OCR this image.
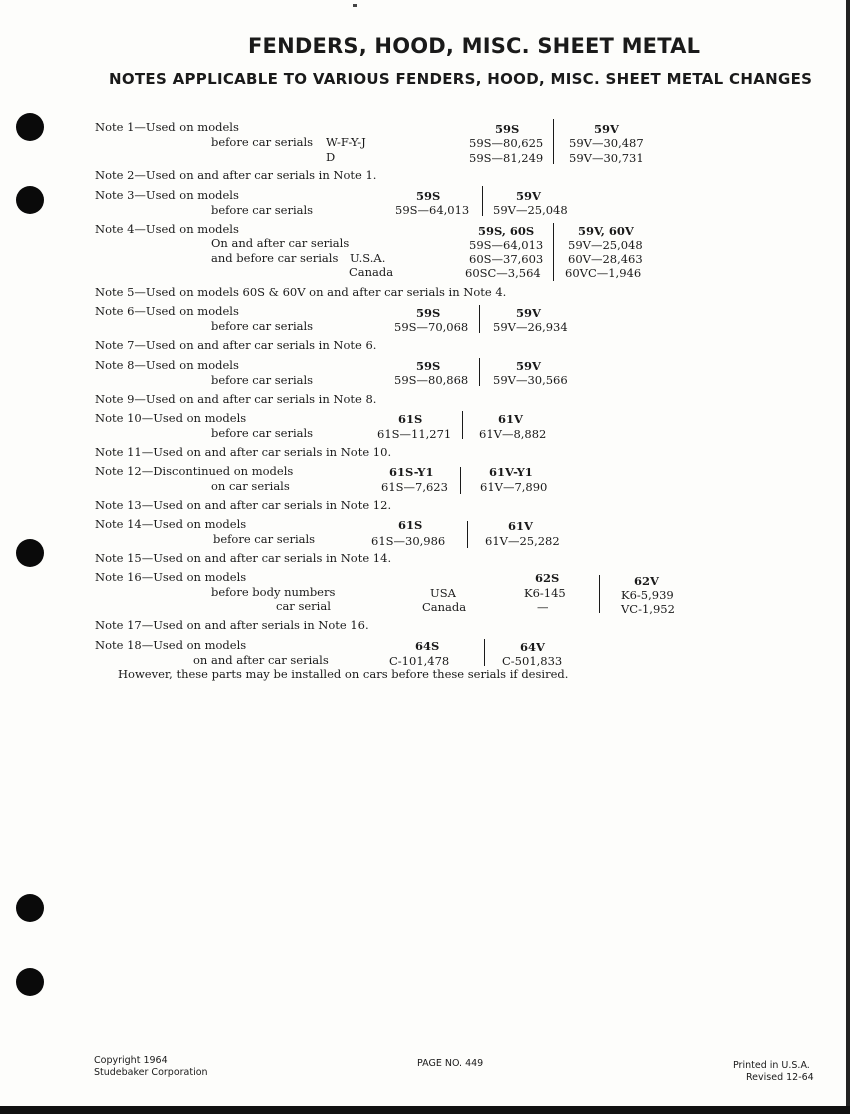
FENDERS, HOOD, MISC. SHEET METAL
NOTES APPLICABLE TO VARIOUS FENDERS, HOOD, MISC. SHEET METAL CHANGES
Note 1—Used on models
before car serials W-F-Y-J
D
59S
59S—80,625
59S—81,249
59V
59V—30,487
59V—30,731
Note 2—Used on and after car serials in Note 1.
Note 3—Used on models
before car serials
59S
59S—64,013
59V
59V—25,048
Note 4—Used on models
On and after car serials
and before car serials U.S.A.
Canada
59S, 60S
59S—64,013
60S—37,603
60SC—3,564
59V, 60V
59V—25,048
60V—28,463
60VC—1,946
Note 5—Used on models 60S & 60V on and after car serials in Note 4.
Note 6—Used on models
before car serials
59S
59S—70,068
59V
59V—26,934
Note 7—Used on and after car serials in Note 6.
Note 8—Used on models
before car serials
59S
59S—80,868
59V
59V—30,566
Note 9—Used on and after car serials in Note 8.
Note 10—Used on models
before car serials
61S
61S—11,271
61V
61V—8,882
Note 11—Used on and after car serials in Note 10.
Note 12—Discontinued on models
on car serials
61S-Y1
61S—7,623
61V-Y1
61V—7,890
Note 13—Used on and after car serials in Note 12.
Note 14—Used on models
before car serials
61S
61S—30,986
61V
61V—25,282
Note 15—Used on and after car serials in Note 14.
Note 16—Used on models
before body numbers
car serial
USA
Canada
62S
K6-145
—
62V
K6-5,939
VC-1,952
Note 17—Used on and after serials in Note 16.
Note 18—Used on models
on and after car serials
64S
C-101,478
64V
C-501,833
However, these parts may be installed on cars before these serials if desired.
Copyright 1964
Studebaker Corporation
PAGE NO. 449	Printed in U.S.A.
Revised 12-64
